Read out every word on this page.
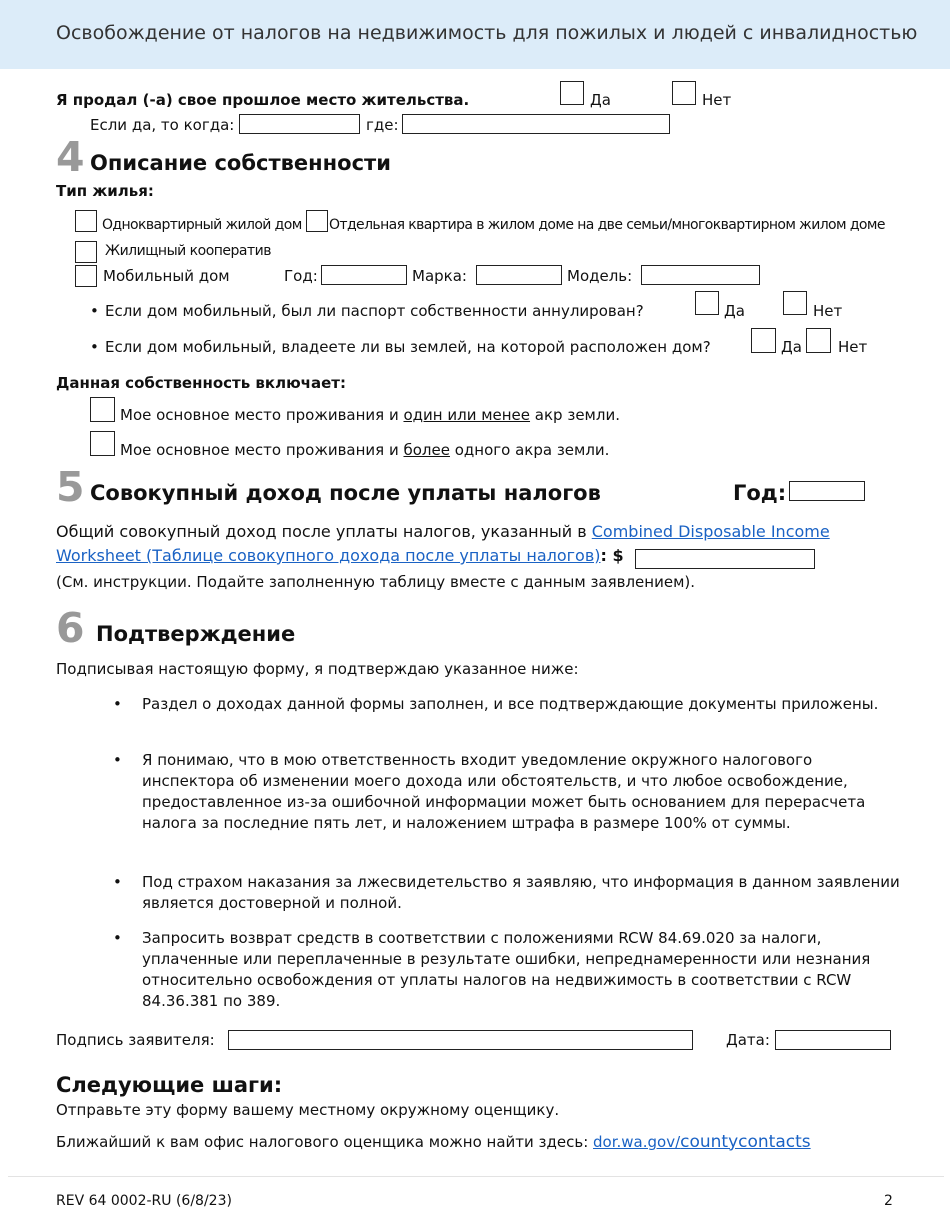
Освобождение от налогов на недвижимость для пожилых и людей с инвалидностью
Я продал (-а) свое прошлое место жительства.	Да	Нет
Если да, то когда:	где:
4 Описание собственности
Тип жилья:
Одноквартирный жилой дом Отдельная квартира в жилом доме на две семьи/многоквартирном жилом доме
Жилищный кооператив
Мобильный дом	Год:	Марка:	Модель:
• Если дом мобильный, был ли паспорт собственности аннулирован?	Да	Нет
• Если дом мобильный, владеете ли вы землей, на которой расположен дом?	Да Нет
Данная собственность включает:
Мое основное место проживания и один или менее акр земли.
Мое основное место проживания и более одного акра земли.
5 Совокупный доход после уплаты налогов	Год:
Общий совокупный доход после уплаты налогов, указанный в Combined Disposable Income
Worksheet (Таблице совокупного дохода после уплаты налогов): $
(См. инструкции. Подайте заполненную таблицу вместе с данным заявлением).
6 Подтверждение
Подписывая настоящую форму, я подтверждаю указанное ниже:
• Раздел о доходах данной формы заполнен, и все подтверждающие документы приложены.
• Я понимаю, что в мою ответственность входит уведомление окружного налогового инспектора об изменении моего дохода или обстоятельств, и что любое освобождение, предоставленное из-за ошибочной информации может быть основанием для перерасчета налога за последние пять лет, и наложением штрафа в размере 100% от суммы.
• Под страхом наказания за лжесвидетельство я заявляю, что информация в данном заявлении является достоверной и полной.
• Запросить возврат средств в соответствии с положениями RCW 84.69.020 за налоги, уплаченные или переплаченные в результате ошибки, непреднамеренности или незнания относительно освобождения от уплаты налогов на недвижимость в соответствии с RCW 84.36.381 по 389.
Подпись заявителя:	Дата:
Следующие шаги:
Отправьте эту форму вашему местному окружному оценщику.
Ближайший к вам офис налогового оценщика можно найти здесь: dor.wa.gov/countycontacts
REV 64 0002-RU (6/8/23)	2
